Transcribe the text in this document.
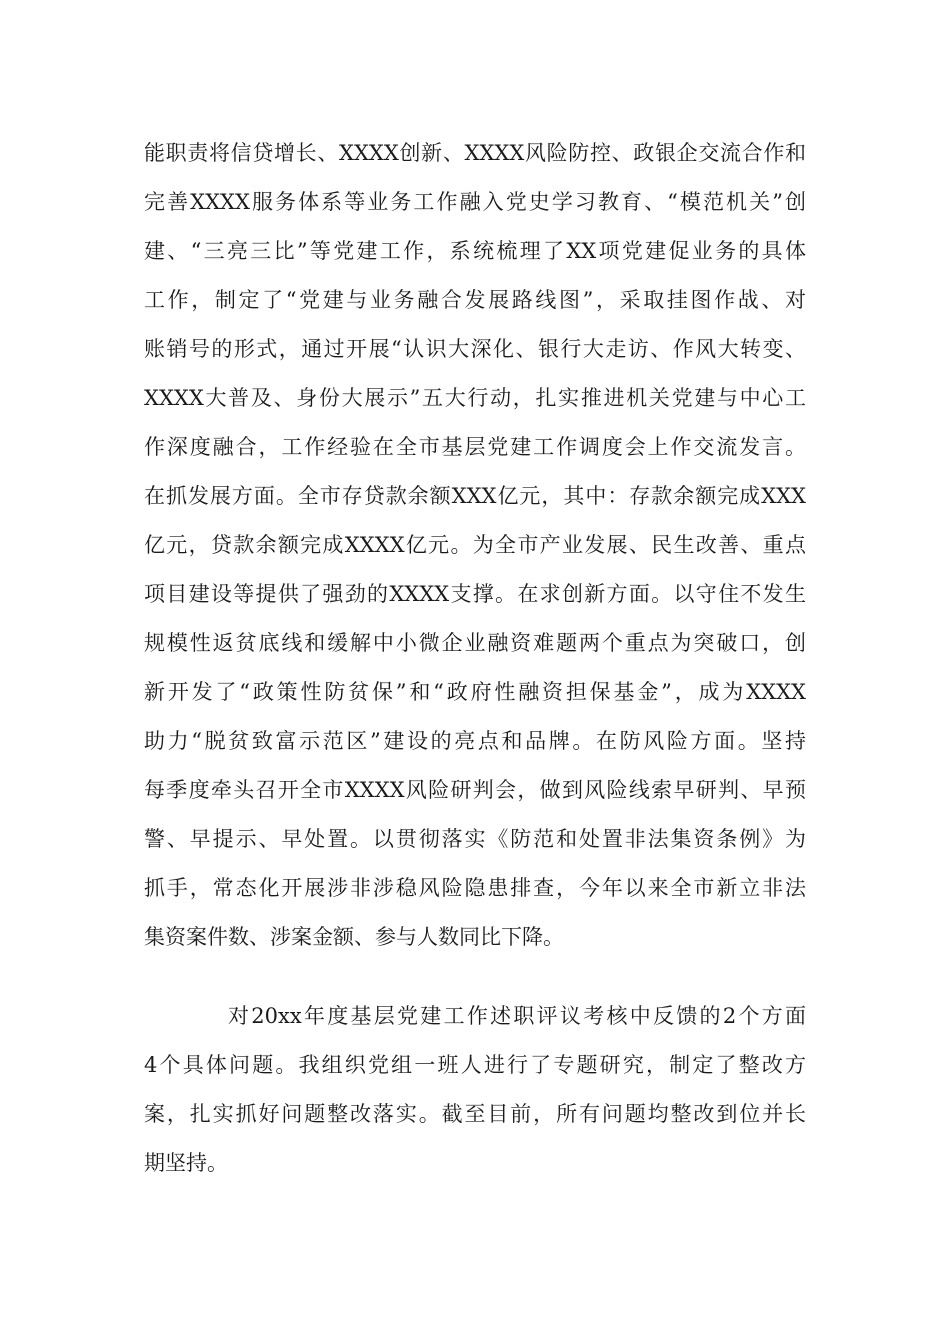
能职责将信贷增长、XXXX创新、XXXX风险防控、政银企交流合作和
完善XXXX服务体系等业务工作融入党史学习教育、“模范机关”创
建、“三亮三比”等党建工作，系统梳理了XX项党建促业务的具体
工作，制定了“党建与业务融合发展路线图”，采取挂图作战、对
账销号的形式，通过开展“认识大深化、银行大走访、作风大转变、
XXXX大普及、身份大展示”五大行动，扎实推进机关党建与中心工
作深度融合，工作经验在全市基层党建工作调度会上作交流发言。
在抓发展方面。全市存贷款余额XXX亿元，其中：存款余额完成XXX
亿元，贷款余额完成XXXX亿元。为全市产业发展、民生改善、重点
项目建设等提供了强劲的XXXX支撑。在求创新方面。以守住不发生
规模性返贫底线和缓解中小微企业融资难题两个重点为突破口，创
新开发了“政策性防贫保”和“政府性融资担保基金”，成为XXXX
助力“脱贫致富示范区”建设的亮点和品牌。在防风险方面。坚持
每季度牵头召开全市XXXX风险研判会，做到风险线索早研判、早预
警、早提示、早处置。以贯彻落实《防范和处置非法集资条例》为
抓手，常态化开展涉非涉稳风险隐患排查，今年以来全市新立非法
集资案件数、涉案金额、参与人数同比下降。
对20xx年度基层党建工作述职评议考核中反馈的2个方面
4个具体问题。我组织党组一班人进行了专题研究，制定了整改方
案，扎实抓好问题整改落实。截至目前，所有问题均整改到位并长
期坚持。
